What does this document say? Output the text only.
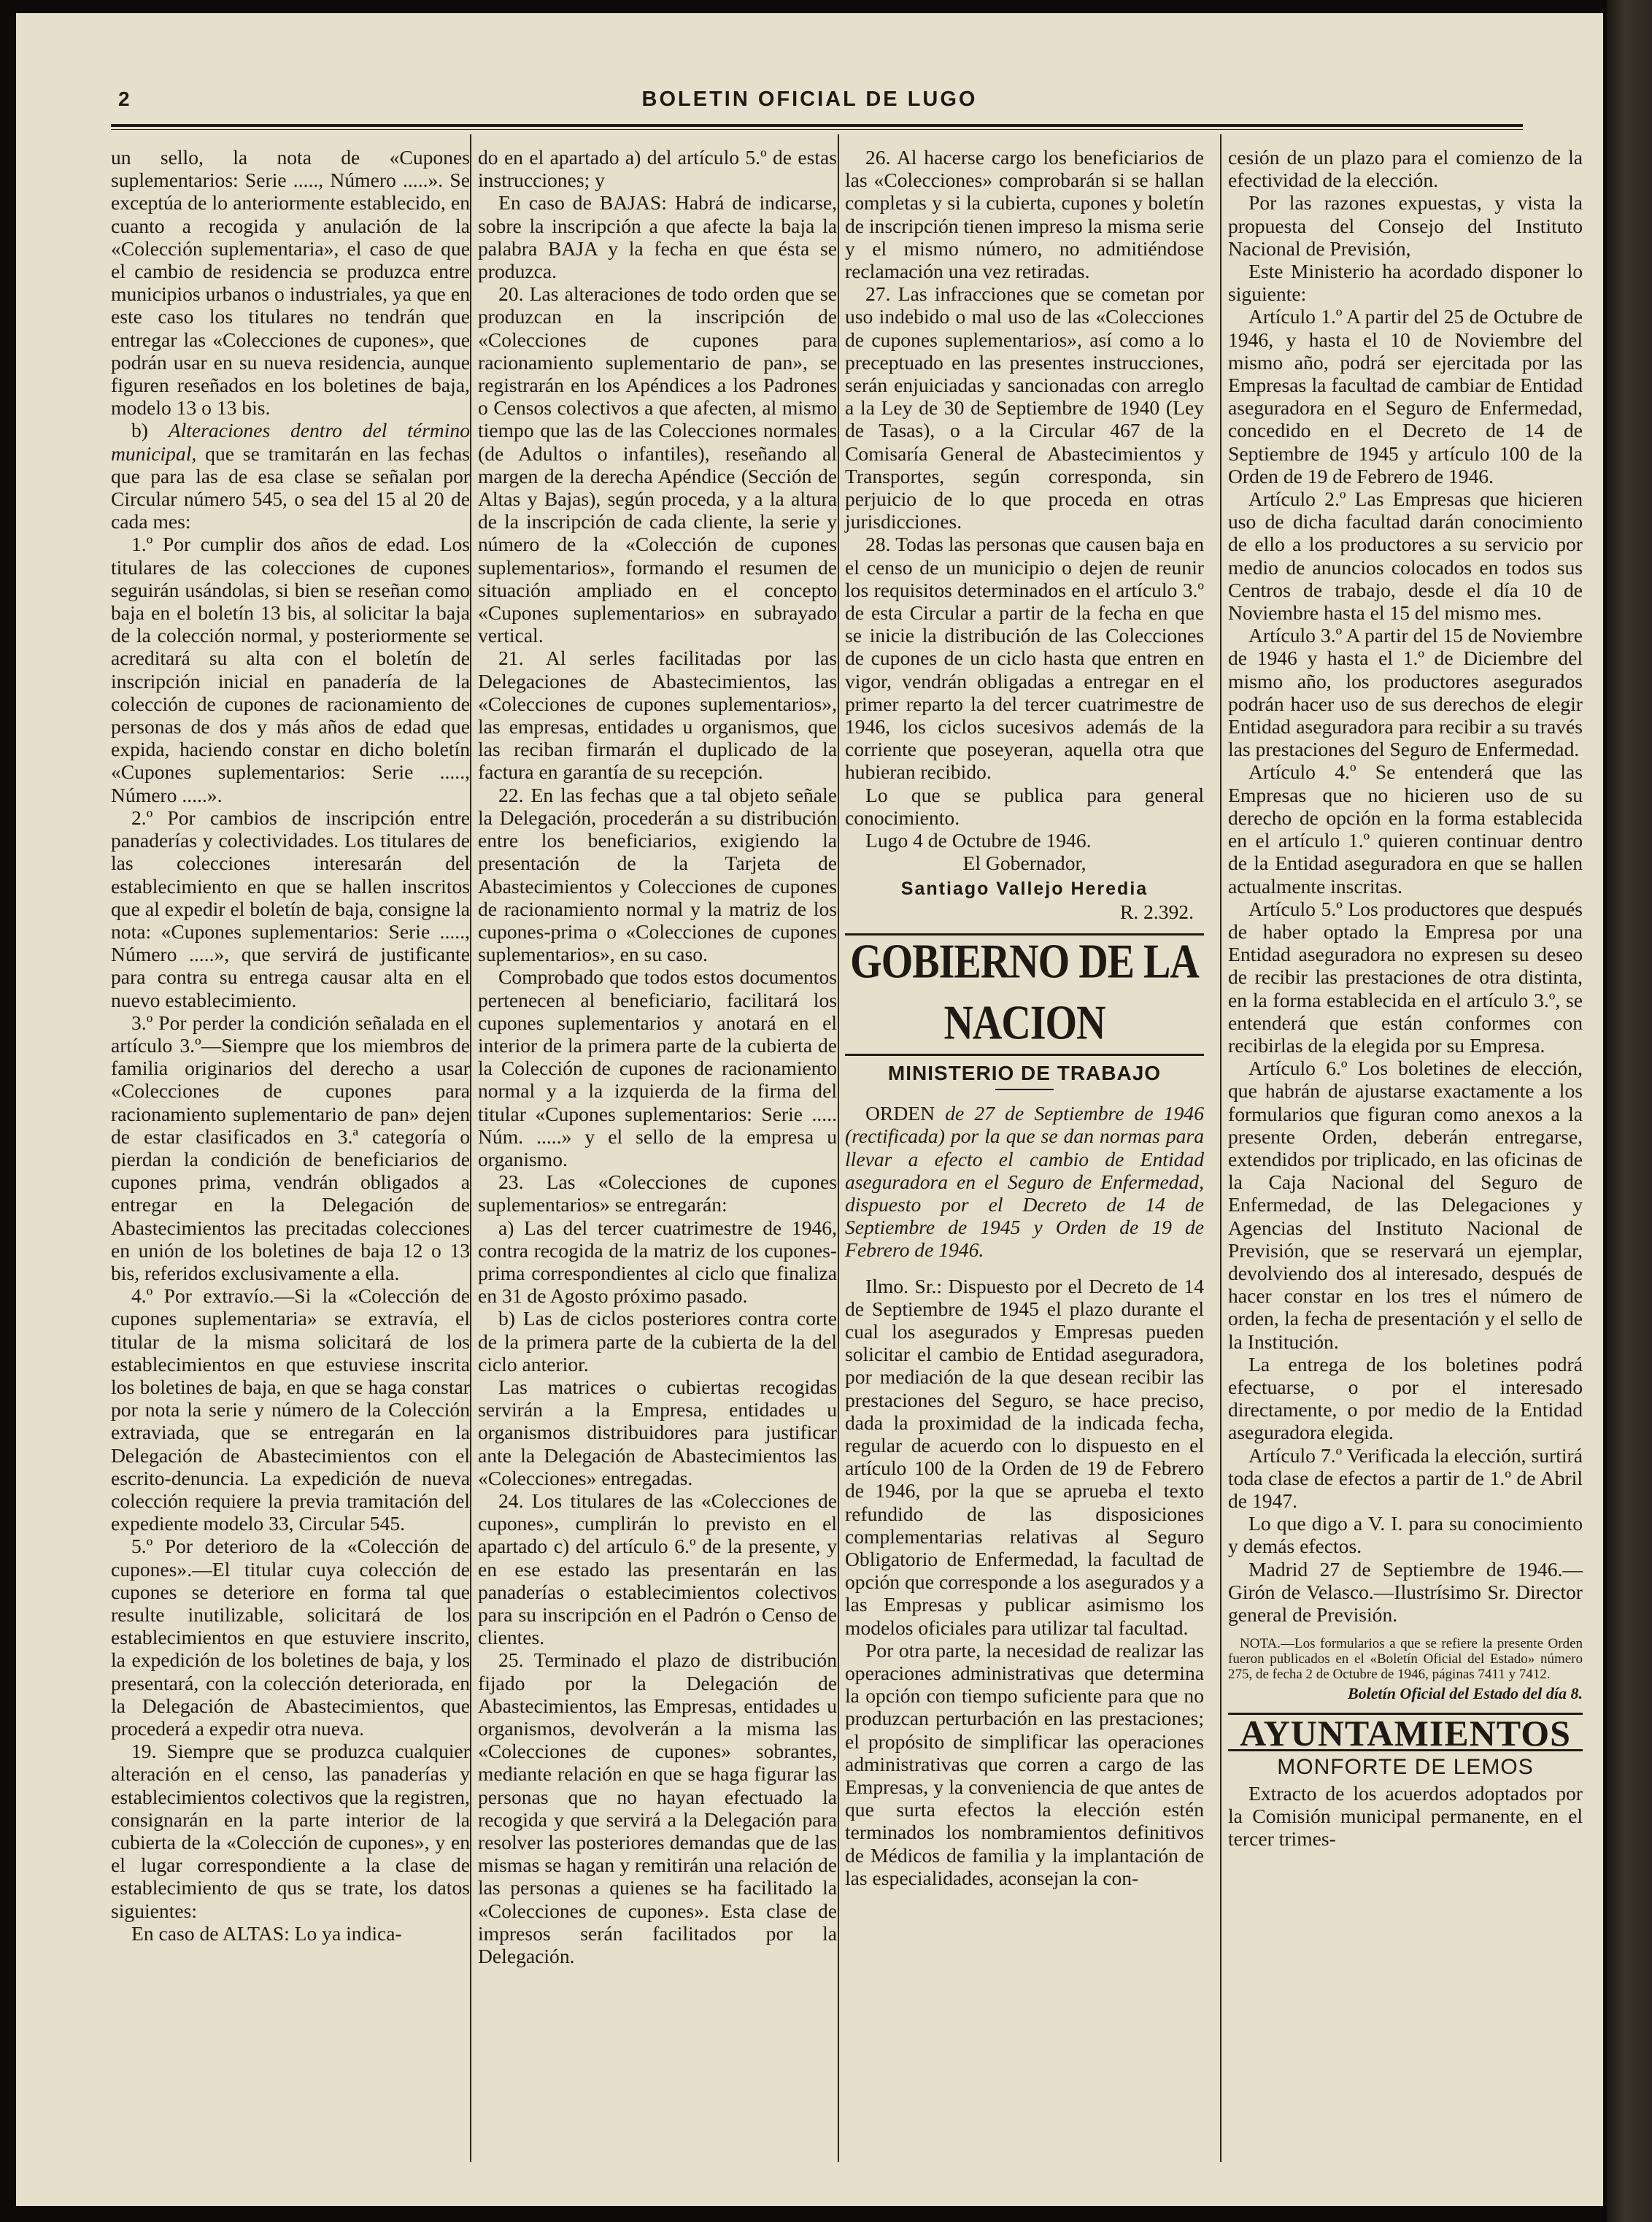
2	BOLETIN OFICIAL DE LUGO

un sello, la nota de «Cupones suplementarios: Serie ....., Número .....». Se exceptúa de lo anteriormente establecido, en cuanto a recogida y anulación de la «Colección suplementaria», el caso de que el cambio de residencia se produzca entre municipios urbanos o industriales, ya que en este caso los titulares no tendrán que entregar las «Colecciones de cupones», que podrán usar en su nueva residencia, aunque figuren reseñados en los boletines de baja, modelo 13 o 13 bis.

b) Alteraciones dentro del término municipal, que se tramitarán en las fechas que para las de esa clase se señalan por Circular número 545, o sea del 15 al 20 de cada mes:

1.º Por cumplir dos años de edad. Los titulares de las colecciones de cupones seguirán usándolas, si bien se reseñan como baja en el boletín 13 bis, al solicitar la baja de la colección normal, y posteriormente se acreditará su alta con el boletín de inscripción inicial en panadería de la colección de cupones de racionamiento de personas de dos y más años de edad que expida, haciendo constar en dicho boletín «Cupones suplementarios: Serie ....., Número .....».

2.º Por cambios de inscripción entre panaderías y colectividades. Los titulares de las colecciones interesarán del establecimiento en que se hallen inscritos que al expedir el boletín de baja, consigne la nota: «Cupones suplementarios: Serie ....., Número .....», que servirá de justificante para contra su entrega causar alta en el nuevo establecimiento.

3.º Por perder la condición señalada en el artículo 3.º—Siempre que los miembros de familia originarios del derecho a usar «Colecciones de cupones para racionamiento suplementario de pan» dejen de estar clasificados en 3.ª categoría o pierdan la condición de beneficiarios de cupones prima, vendrán obligados a entregar en la Delegación de Abastecimientos las precitadas colecciones en unión de los boletines de baja 12 o 13 bis, referidos exclusivamente a ella.

4.º Por extravío.—Si la «Colección de cupones suplementaria» se extravía, el titular de la misma solicitará de los establecimientos en que estuviese inscrita los boletines de baja, en que se haga constar por nota la serie y número de la Colección extraviada, que se entregarán en la Delegación de Abastecimientos con el escrito-denuncia. La expedición de nueva colección requiere la previa tramitación del expediente modelo 33, Circular 545.

5.º Por deterioro de la «Colección de cupones».—El titular cuya colección de cupones se deteriore en forma tal que resulte inutilizable, solicitará de los establecimientos en que estuviere inscrito, la expedición de los boletines de baja, y los presentará, con la colección deteriorada, en la Delegación de Abastecimientos, que procederá a expedir otra nueva.

19. Siempre que se produzca cualquier alteración en el censo, las panaderías y establecimientos colectivos que la registren, consignarán en la parte interior de la cubierta de la «Colección de cupones», y en el lugar correspondiente a la clase de establecimiento de qus se trate, los datos siguientes:

En caso de ALTAS: Lo ya indica-

do en el apartado a) del artículo 5.º de estas instrucciones; y

En caso de BAJAS: Habrá de indicarse, sobre la inscripción a que afecte la baja la palabra BAJA y la fecha en que ésta se produzca.

20. Las alteraciones de todo orden que se produzcan en la inscripción de «Colecciones de cupones para racionamiento suplementario de pan», se registrarán en los Apéndices a los Padrones o Censos colectivos a que afecten, al mismo tiempo que las de las Colecciones normales (de Adultos o infantiles), reseñando al margen de la derecha Apéndice (Sección de Altas y Bajas), según proceda, y a la altura de la inscripción de cada cliente, la serie y número de la «Colección de cupones suplementarios», formando el resumen de situación ampliado en el concepto «Cupones suplementarios» en subrayado vertical.

21. Al serles facilitadas por las Delegaciones de Abastecimientos, las «Colecciones de cupones suplementarios», las empresas, entidades u organismos, que las reciban firmarán el duplicado de la factura en garantía de su recepción.

22. En las fechas que a tal objeto señale la Delegación, procederán a su distribución entre los beneficiarios, exigiendo la presentación de la Tarjeta de Abastecimientos y Colecciones de cupones de racionamiento normal y la matriz de los cupones-prima o «Colecciones de cupones suplementarios», en su caso.

Comprobado que todos estos documentos pertenecen al beneficiario, facilitará los cupones suplementarios y anotará en el interior de la primera parte de la cubierta de la Colección de cupones de racionamiento normal y a la izquierda de la firma del titular «Cupones suplementarios: Serie ..... Núm. .....» y el sello de la empresa u organismo.

23. Las «Colecciones de cupones suplementarios» se entregarán:

a) Las del tercer cuatrimestre de 1946, contra recogida de la matriz de los cupones-prima correspondientes al ciclo que finaliza en 31 de Agosto próximo pasado.

b) Las de ciclos posteriores contra corte de la primera parte de la cubierta de la del ciclo anterior.

Las matrices o cubiertas recogidas servirán a la Empresa, entidades u organismos distribuidores para justificar ante la Delegación de Abastecimientos las «Colecciones» entregadas.

24. Los titulares de las «Colecciones de cupones», cumplirán lo previsto en el apartado c) del artículo 6.º de la presente, y en ese estado las presentarán en las panaderías o establecimientos colectivos para su inscripción en el Padrón o Censo de clientes.

25. Terminado el plazo de distribución fijado por la Delegación de Abastecimientos, las Empresas, entidades u organismos, devolverán a la misma las «Colecciones de cupones» sobrantes, mediante relación en que se haga figurar las personas que no hayan efectuado la recogida y que servirá a la Delegación para resolver las posteriores demandas que de las mismas se hagan y remitirán una relación de las personas a quienes se ha facilitado la «Colecciones de cupones». Esta clase de impresos serán facilitados por la Delegación.

26. Al hacerse cargo los beneficiarios de las «Colecciones» comprobarán si se hallan completas y si la cubierta, cupones y boletín de inscripción tienen impreso la misma serie y el mismo número, no admitiéndose reclamación una vez retiradas.

27. Las infracciones que se cometan por uso indebido o mal uso de las «Colecciones de cupones suplementarios», así como a lo preceptuado en las presentes instrucciones, serán enjuiciadas y sancionadas con arreglo a la Ley de 30 de Septiembre de 1940 (Ley de Tasas), o a la Circular 467 de la Comisaría General de Abastecimientos y Transportes, según corresponda, sin perjuicio de lo que proceda en otras jurisdicciones.

28. Todas las personas que causen baja en el censo de un municipio o dejen de reunir los requisitos determinados en el artículo 3.º de esta Circular a partir de la fecha en que se inicie la distribución de las Colecciones de cupones de un ciclo hasta que entren en vigor, vendrán obligadas a entregar en el primer reparto la del tercer cuatrimestre de 1946, los ciclos sucesivos además de la corriente que poseyeran, aquella otra que hubieran recibido.

Lo que se publica para general conocimiento.

Lugo 4 de Octubre de 1946.

El Gobernador,

Santiago Vallejo Heredia

R. 2.392.

GOBIERNO DE LA NACION
MINISTERIO DE TRABAJO

ORDEN de 27 de Septiembre de 1946 (rectificada) por la que se dan normas para llevar a efecto el cambio de Entidad aseguradora en el Seguro de Enfermedad, dispuesto por el Decreto de 14 de Septiembre de 1945 y Orden de 19 de Febrero de 1946.

Ilmo. Sr.: Dispuesto por el Decreto de 14 de Septiembre de 1945 el plazo durante el cual los asegurados y Empresas pueden solicitar el cambio de Entidad aseguradora, por mediación de la que desean recibir las prestaciones del Seguro, se hace preciso, dada la proximidad de la indicada fecha, regular de acuerdo con lo dispuesto en el artículo 100 de la Orden de 19 de Febrero de 1946, por la que se aprueba el texto refundido de las disposiciones complementarias relativas al Seguro Obligatorio de Enfermedad, la facultad de opción que corresponde a los asegurados y a las Empresas y publicar asimismo los modelos oficiales para utilizar tal facultad.

Por otra parte, la necesidad de realizar las operaciones administrativas que determina la opción con tiempo suficiente para que no produzcan perturbación en las prestaciones; el propósito de simplificar las operaciones administrativas que corren a cargo de las Empresas, y la conveniencia de que antes de que surta efectos la elección estén terminados los nombramientos definitivos de Médicos de familia y la implantación de las especialidades, aconsejan la con-

cesión de un plazo para el comienzo de la efectividad de la elección.

Por las razones expuestas, y vista la propuesta del Consejo del Instituto Nacional de Previsión,

Este Ministerio ha acordado disponer lo siguiente:

Artículo 1.º A partir del 25 de Octubre de 1946, y hasta el 10 de Noviembre del mismo año, podrá ser ejercitada por las Empresas la facultad de cambiar de Entidad aseguradora en el Seguro de Enfermedad, concedido en el Decreto de 14 de Septiembre de 1945 y artículo 100 de la Orden de 19 de Febrero de 1946.

Artículo 2.º Las Empresas que hicieren uso de dicha facultad darán conocimiento de ello a los productores a su servicio por medio de anuncios colocados en todos sus Centros de trabajo, desde el día 10 de Noviembre hasta el 15 del mismo mes.

Artículo 3.º A partir del 15 de Noviembre de 1946 y hasta el 1.º de Diciembre del mismo año, los productores asegurados podrán hacer uso de sus derechos de elegir Entidad aseguradora para recibir a su través las prestaciones del Seguro de Enfermedad.

Artículo 4.º Se entenderá que las Empresas que no hicieren uso de su derecho de opción en la forma establecida en el artículo 1.º quieren continuar dentro de la Entidad aseguradora en que se hallen actualmente inscritas.

Artículo 5.º Los productores que después de haber optado la Empresa por una Entidad aseguradora no expresen su deseo de recibir las prestaciones de otra distinta, en la forma establecida en el artículo 3.º, se entenderá que están conformes con recibirlas de la elegida por su Empresa.

Artículo 6.º Los boletines de elección, que habrán de ajustarse exactamente a los formularios que figuran como anexos a la presente Orden, deberán entregarse, extendidos por triplicado, en las oficinas de la Caja Nacional del Seguro de Enfermedad, de las Delegaciones y Agencias del Instituto Nacional de Previsión, que se reservará un ejemplar, devolviendo dos al interesado, después de hacer constar en los tres el número de orden, la fecha de presentación y el sello de la Institución.

La entrega de los boletines podrá efectuarse, o por el interesado directamente, o por medio de la Entidad aseguradora elegida.

Artículo 7.º Verificada la elección, surtirá toda clase de efectos a partir de 1.º de Abril de 1947.

Lo que digo a V. I. para su conocimiento y demás efectos.

Madrid 27 de Septiembre de 1946.—Girón de Velasco.—Ilustrísimo Sr. Director general de Previsión.

NOTA.—Los formularios a que se refiere la presente Orden fueron publicados en el «Boletín Oficial del Estado» número 275, de fecha 2 de Octubre de 1946, páginas 7411 y 7412.

Boletín Oficial del Estado del día 8.
AYUNTAMIENTOS
MONFORTE DE LEMOS

Extracto de los acuerdos adoptados por la Comisión municipal permanente, en el tercer trimes-
